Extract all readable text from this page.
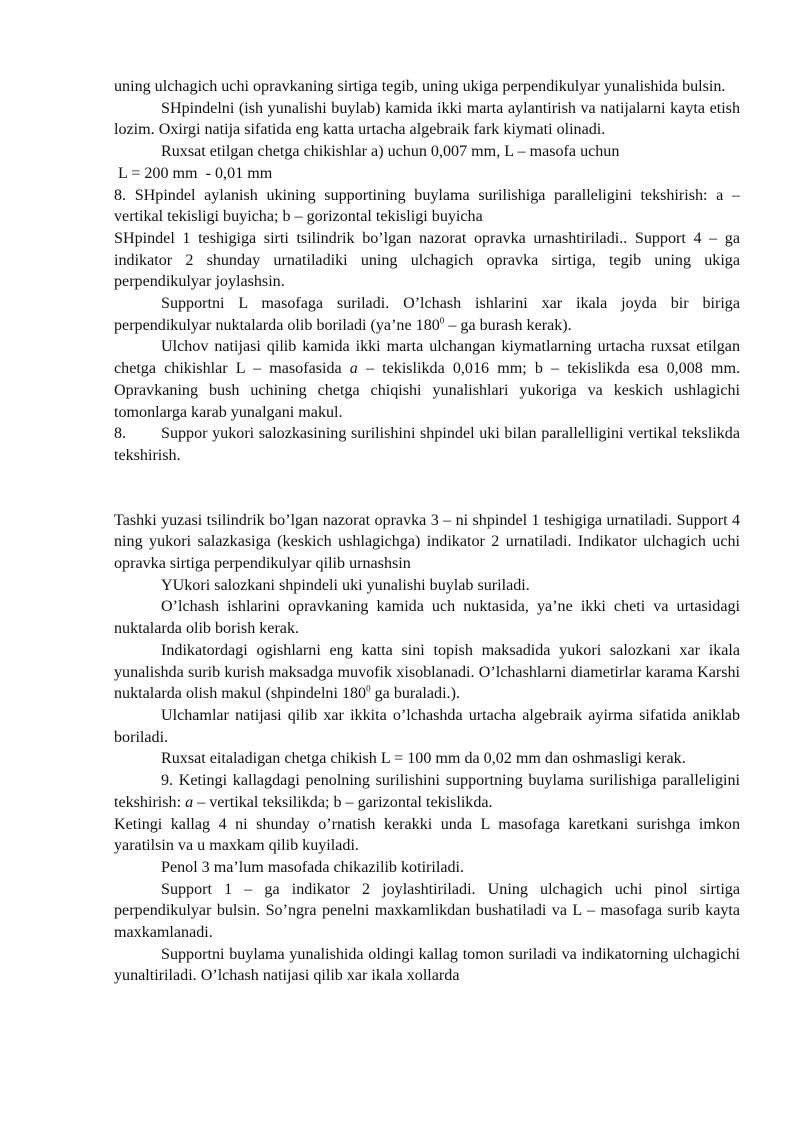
uning ulchagich uchi opravkaning sirtiga tegib, uning ukiga perpendikulyar yunalishida bulsin.

SHpindelni (ish yunalishi buylab) kamida ikki marta aylantirish va natijalarni kayta etish lozim. Oxirgi natija sifatida eng katta urtacha algebraik fark kiymati olinadi.

Ruxsat etilgan chetga chikishlar a) uchun 0,007 mm, L – masofa uchun

L = 200 mm  - 0,01 mm

8. SHpindel aylanish ukining supportining buylama surilishiga paralleligini tekshirish: a – vertikal tekisligi buyicha; b – gorizontal tekisligi buyicha

SHpindel 1 teshigiga sirti tsilindrik bo’lgan nazorat opravka urnashtiriladi.. Support 4 – ga indikator 2 shunday urnatiladiki uning ulchagich opravka sirtiga, tegib uning ukiga perpendikulyar joylashsin.

Supportni L masofaga suriladi. O’lchash ishlarini xar ikala joyda bir biriga perpendikulyar nuktalarda olib boriladi (ya’ne $180^0$ – ga burash kerak).

Ulchov natijasi qilib kamida ikki marta ulchangan kiymatlarning urtacha ruxsat etilgan chetga chikishlar L – masofasida a – tekislikda 0,016 mm; b – tekislikda esa 0,008 mm. Opravkaning bush uchining chetga chiqishi yunalishlari yukoriga va keskich ushlagichi tomonlarga karab yunalgani makul.

8. Suppor yukori salozkasining surilishini shpindel uki bilan parallelligini vertikal tekslikda tekshirish.

Tashki yuzasi tsilindrik bo’lgan nazorat opravka 3 – ni shpindel 1 teshigiga urnatiladi. Support 4 ning yukori salazkasiga (keskich ushlagichga) indikator 2 urnatiladi. Indikator ulchagich uchi opravka sirtiga perpendikulyar qilib urnashsin

YUkori salozkani shpindeli uki yunalishi buylab suriladi.

O’lchash ishlarini opravkaning kamida uch nuktasida, ya’ne ikki cheti va urtasidagi nuktalarda olib borish kerak.

Indikatordagi ogishlarni eng katta sini topish maksadida yukori salozkani xar ikala yunalishda surib kurish maksadga muvofik xisoblanadi. O’lchashlarni diametirlar karama Karshi nuktalarda olish makul (shpindelni $180^0$ ga buraladi.).

Ulchamlar natijasi qilib xar ikkita o’lchashda urtacha algebraik ayirma sifatida aniklab boriladi.

Ruxsat eitaladigan chetga chikish L = 100 mm da 0,02 mm dan oshmasligi kerak.

9. Ketingi kallagdagi penolning surilishini supportning buylama surilishiga paralleligini tekshirish: a – vertikal teksilikda; b – garizontal tekislikda.

Ketingi kallag 4 ni shunday o’rnatish kerakki unda L masofaga karetkani surishga imkon yaratilsin va u maxkam qilib kuyiladi.

Penol 3 ma’lum masofada chikazilib kotiriladi.

Support 1 – ga indikator 2 joylashtiriladi. Uning ulchagich uchi pinol sirtiga perpendikulyar bulsin. So’ngra penelni maxkamlikdan bushatiladi va L – masofaga surib kayta maxkamlanadi.

Supportni buylama yunalishida oldingi kallag tomon suriladi va indikatorning ulchagichi yunaltiriladi. O’lchash natijasi qilib xar ikala xollarda
